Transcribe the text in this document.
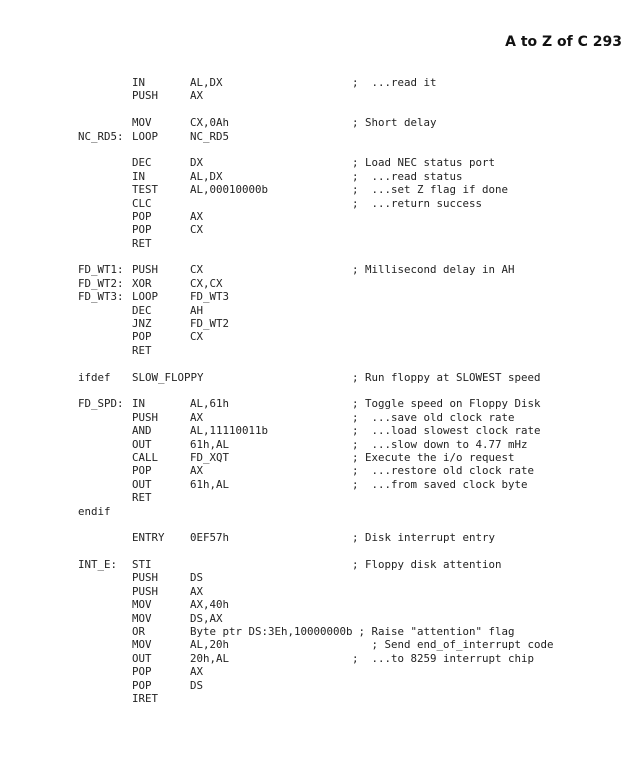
A to Z of C 293
IN	AL,DX	;  ...read it
PUSH	AX
MOV	CX,0Ah	; Short delay
NC_RD5: LOOP	NC_RD5
DEC	DX	; Load NEC status port
IN	AL,DX	;  ...read status
TEST	AL,00010000b	;  ...set Z flag if done
CLC	;  ...return success
POP	AX
POP	CX
RET
FD_WT1: PUSH	CX	; Millisecond delay in AH
FD_WT2: XOR	CX,CX
FD_WT3: LOOP	FD_WT3
DEC	AH
JNZ	FD_WT2
POP	CX
RET
ifdef SLOW_FLOPPY	; Run floppy at SLOWEST speed
FD_SPD: IN	AL,61h	; Toggle speed on Floppy Disk
PUSH	AX	;  ...save old clock rate
AND	AL,11110011b	;  ...load slowest clock rate
OUT	61h,AL	;  ...slow down to 4.77 mHz
CALL	FD_XQT	; Execute the i/o request
POP	AX	;  ...restore old clock rate
OUT	61h,AL	;  ...from saved clock byte
RET
endif
ENTRY 0EF57h	; Disk interrupt entry
INT_E: STI	; Floppy disk attention
PUSH	DS
PUSH	AX
MOV	AX,40h
MOV	DS,AX
OR	Byte ptr DS:3Eh,10000000b ; Raise "attention" flag
MOV	AL,20h	; Send end_of_interrupt code
OUT	20h,AL	;  ...to 8259 interrupt chip
POP	AX
POP	DS
IRET
